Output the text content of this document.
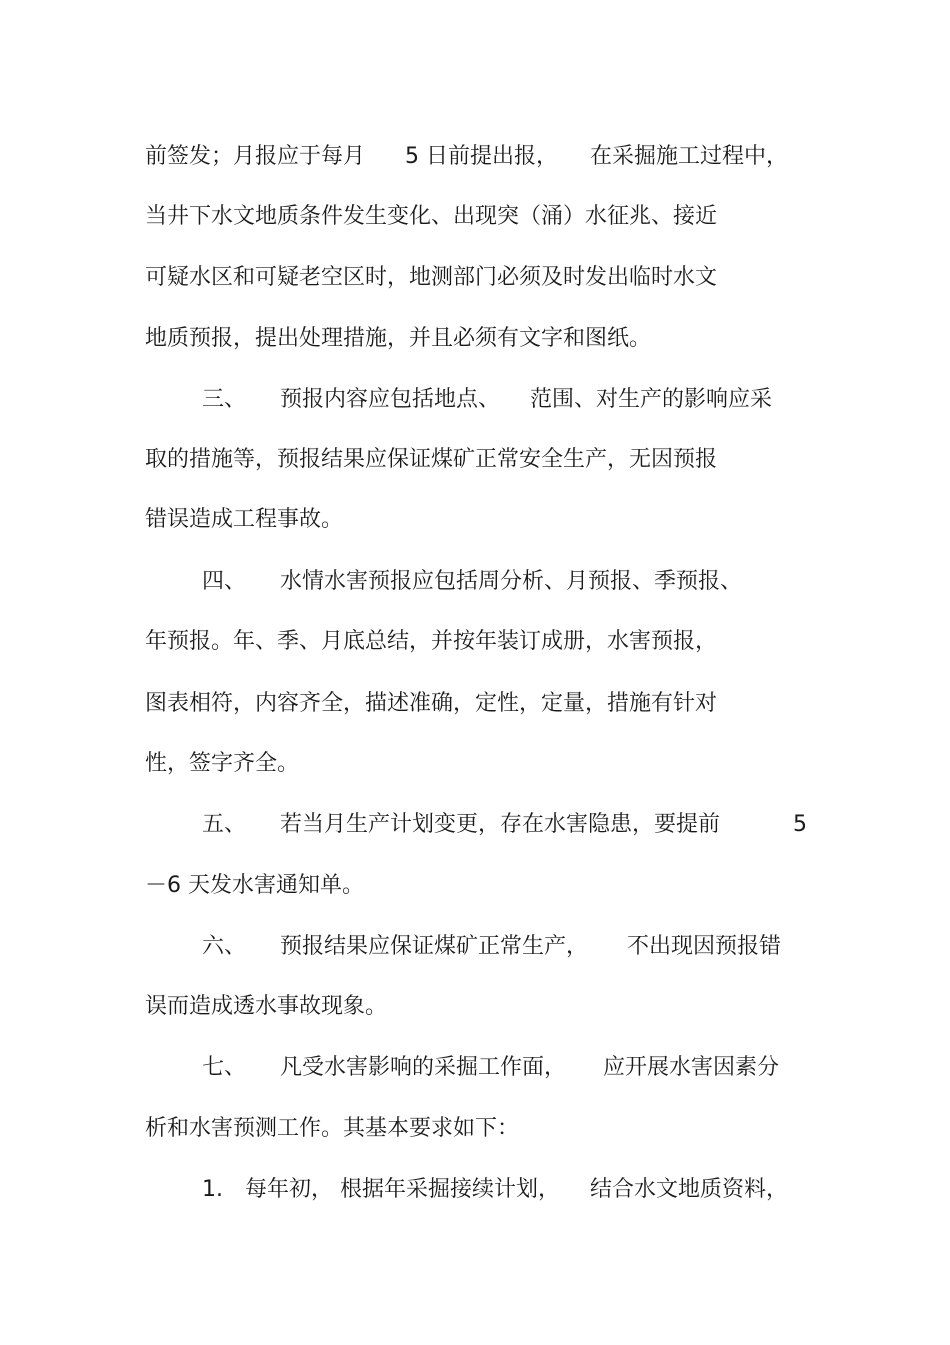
前签发；月报应于每月 5 日前提出报， 在采掘施工过程中，
当井下水文地质条件发生变化、出现突（涌）水征兆、接近
可疑水区和可疑老空区时，地测部门必须及时发出临时水文
地质预报，提出处理措施，并且必须有文字和图纸。
三、 预报内容应包括地点、 范围、对生产的影响应采
取的措施等，预报结果应保证煤矿正常安全生产，无因预报
错误造成工程事故。
四、 水情水害预报应包括周分析、月预报、季预报、
年预报。年、季、月底总结，并按年装订成册，水害预报，
图表相符，内容齐全，描述准确，定性，定量，措施有针对
性，签字齐全。
五、 若当月生产计划变更，存在水害隐患，要提前	5
－6 天发水害通知单。
六、 预报结果应保证煤矿正常生产， 不出现因预报错
误而造成透水事故现象。
七、 凡受水害影响的采掘工作面， 应开展水害因素分
析和水害预测工作。其基本要求如下：
1. 每年初， 根据年采掘接续计划， 结合水文地质资料，
